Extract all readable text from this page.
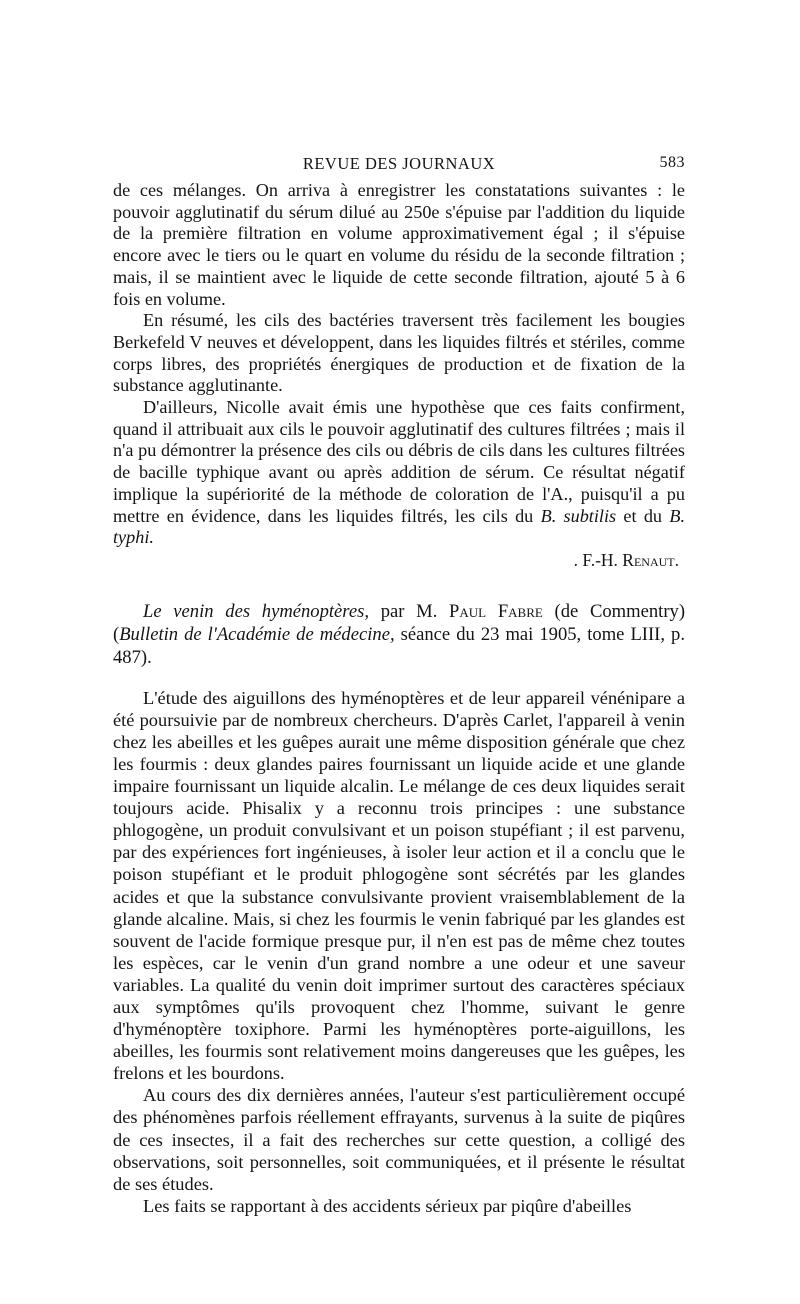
REVUE DES JOURNAUX	583

de ces mélanges. On arriva à enregistrer les constatations suivantes : le pouvoir agglutinatif du sérum dilué au 250e s'épuise par l'addition du liquide de la première filtration en volume approximativement égal ; il s'épuise encore avec le tiers ou le quart en volume du résidu de la seconde filtration ; mais, il se maintient avec le liquide de cette seconde filtration, ajouté 5 à 6 fois en volume.

En résumé, les cils des bactéries traversent très facilement les bougies Berkefeld V neuves et développent, dans les liquides filtrés et stériles, comme corps libres, des propriétés énergiques de production et de fixation de la substance agglutinante.

D'ailleurs, Nicolle avait émis une hypothèse que ces faits confirment, quand il attribuait aux cils le pouvoir agglutinatif des cultures filtrées ; mais il n'a pu démontrer la présence des cils ou débris de cils dans les cultures filtrées de bacille typhique avant ou après addition de sérum. Ce résultat négatif implique la supériorité de la méthode de coloration de l'A., puisqu'il a pu mettre en évidence, dans les liquides filtrés, les cils du B. subtilis et du B. typhi.

. F.-H. Renaut.

Le venin des hyménoptères, par M. Paul Fabre (de Commentry) (Bulletin de l'Académie de médecine, séance du 23 mai 1905, tome LIII, p. 487).

L'étude des aiguillons des hyménoptères et de leur appareil vénénipare a été poursuivie par de nombreux chercheurs. D'après Carlet, l'appareil à venin chez les abeilles et les guêpes aurait une même disposition générale que chez les fourmis : deux glandes paires fournissant un liquide acide et une glande impaire fournissant un liquide alcalin. Le mélange de ces deux liquides serait toujours acide. Phisalix y a reconnu trois principes : une substance phlogogène, un produit convulsivant et un poison stupéfiant ; il est parvenu, par des expériences fort ingénieuses, à isoler leur action et il a conclu que le poison stupéfiant et le produit phlogogène sont sécrétés par les glandes acides et que la substance convulsivante provient vraisemblablement de la glande alcaline. Mais, si chez les fourmis le venin fabriqué par les glandes est souvent de l'acide formique presque pur, il n'en est pas de même chez toutes les espèces, car le venin d'un grand nombre a une odeur et une saveur variables. La qualité du venin doit imprimer surtout des caractères spéciaux aux symptômes qu'ils provoquent chez l'homme, suivant le genre d'hyménoptère toxiphore. Parmi les hyménoptères porte-aiguillons, les abeilles, les fourmis sont relativement moins dangereuses que les guêpes, les frelons et les bourdons.

Au cours des dix dernières années, l'auteur s'est particulièrement occupé des phénomènes parfois réellement effrayants, survenus à la suite de piqûres de ces insectes, il a fait des recherches sur cette question, a colligé des observations, soit personnelles, soit communiquées, et il présente le résultat de ses études.

Les faits se rapportant à des accidents sérieux par piqûre d'abeilles
